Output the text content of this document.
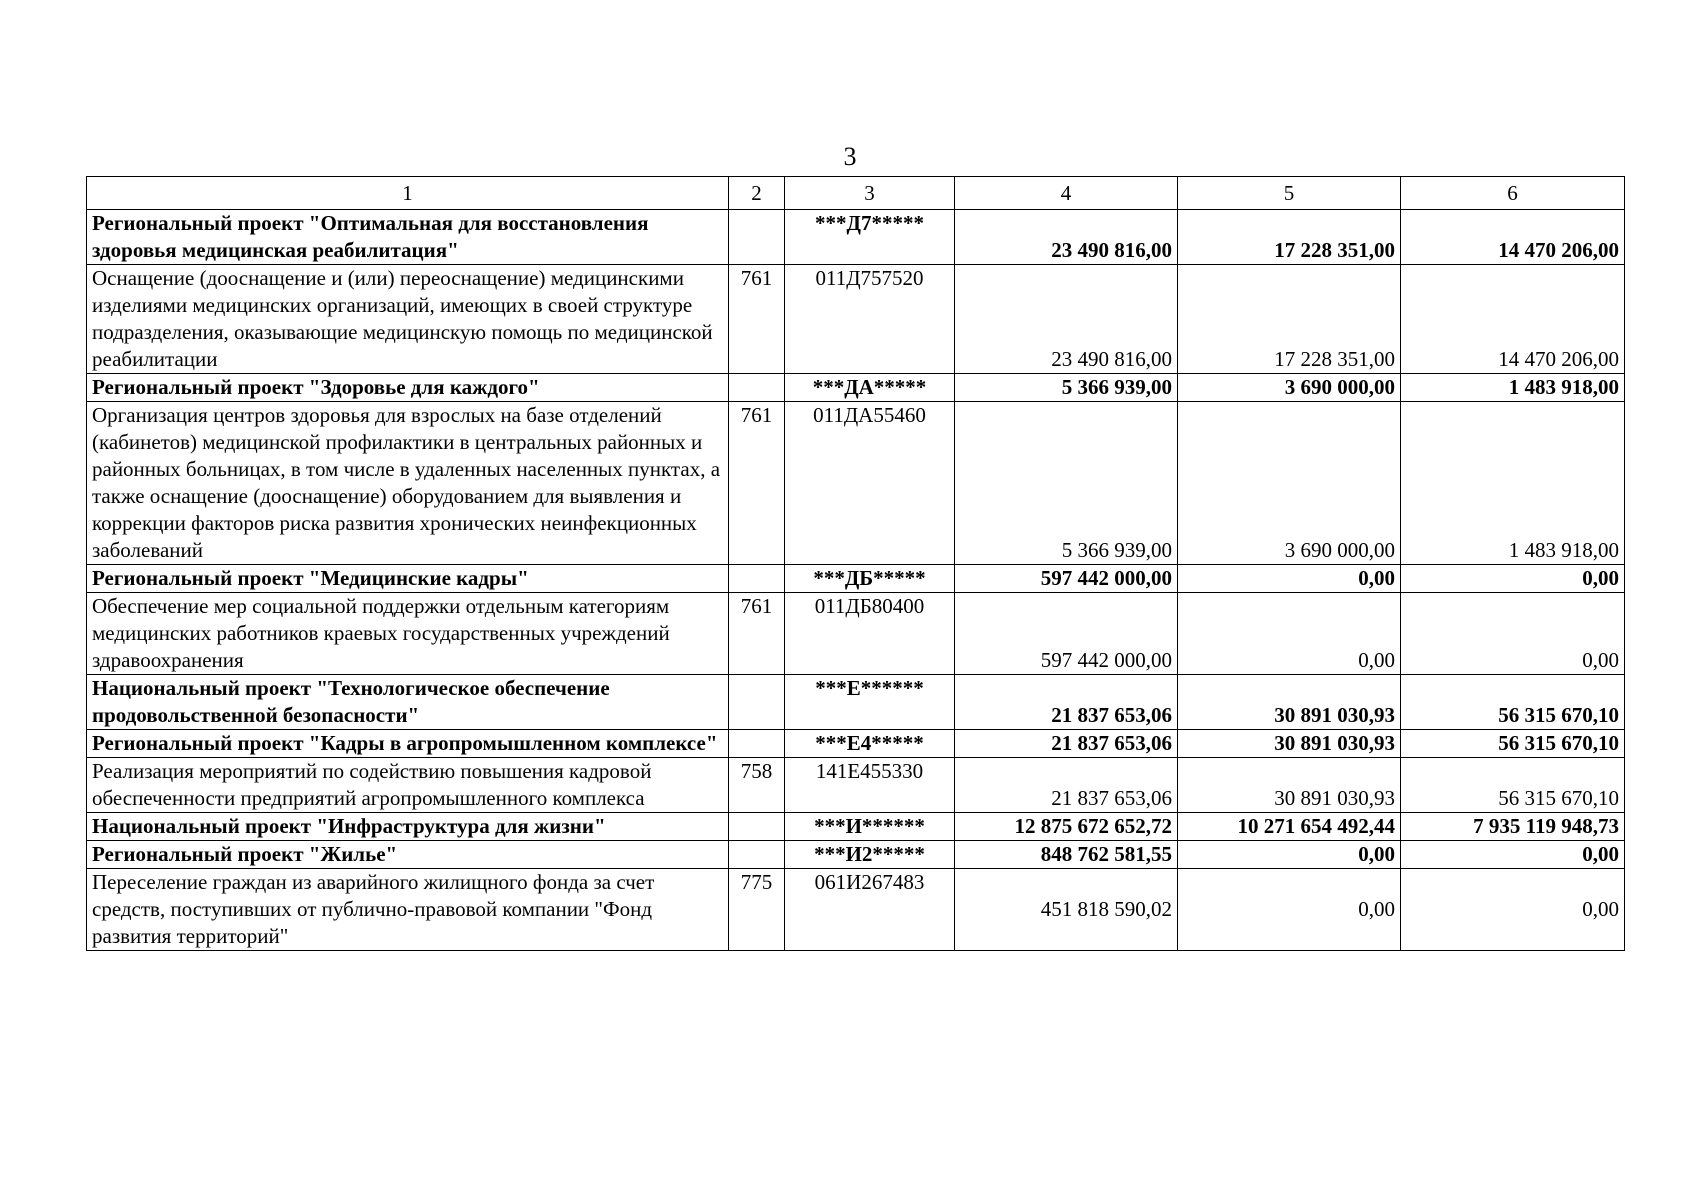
3
1	2	3	4	5	6
Региональный проект "Оптимальная для восстановления здоровья медицинская реабилитация"		***Д7*****	23 490 816,00	17 228 351,00	14 470 206,00
Оснащение (дооснащение и (или) переоснащение) медицинскими изделиями медицинских организаций, имеющих в своей структуре подразделения, оказывающие медицинскую помощь по медицинской реабилитации	761	011Д757520	23 490 816,00	17 228 351,00	14 470 206,00
Региональный проект "Здоровье для каждого"		***ДА*****	5 366 939,00	3 690 000,00	1 483 918,00
Организация центров здоровья для взрослых на базе отделений (кабинетов) медицинской профилактики в центральных районных и районных больницах, в том числе в удаленных населенных пунктах, а также оснащение (дооснащение) оборудованием для выявления и коррекции факторов риска развития хронических неинфекционных заболеваний	761	011ДА55460	5 366 939,00	3 690 000,00	1 483 918,00
Региональный проект "Медицинские кадры"		***ДБ*****	597 442 000,00	0,00	0,00
Обеспечение мер социальной поддержки отдельным категориям медицинских работников краевых государственных учреждений здравоохранения	761	011ДБ80400	597 442 000,00	0,00	0,00
Национальный проект "Технологическое обеспечение продовольственной безопасности"		***Е******	21 837 653,06	30 891 030,93	56 315 670,10
Региональный проект "Кадры в агропромышленном комплексе"		***Е4*****	21 837 653,06	30 891 030,93	56 315 670,10
Реализация мероприятий по содействию повышения кадровой обеспеченности предприятий агропромышленного комплекса	758	141Е455330	21 837 653,06	30 891 030,93	56 315 670,10
Национальный проект "Инфраструктура для жизни"		***И******	12 875 672 652,72	10 271 654 492,44	7 935 119 948,73
Региональный проект "Жилье"		***И2*****	848 762 581,55	0,00	0,00
Переселение граждан из аварийного жилищного фонда за счет средств, поступивших от публично-правовой компании "Фонд развития территорий"	775	061И267483	451 818 590,02	0,00	0,00
